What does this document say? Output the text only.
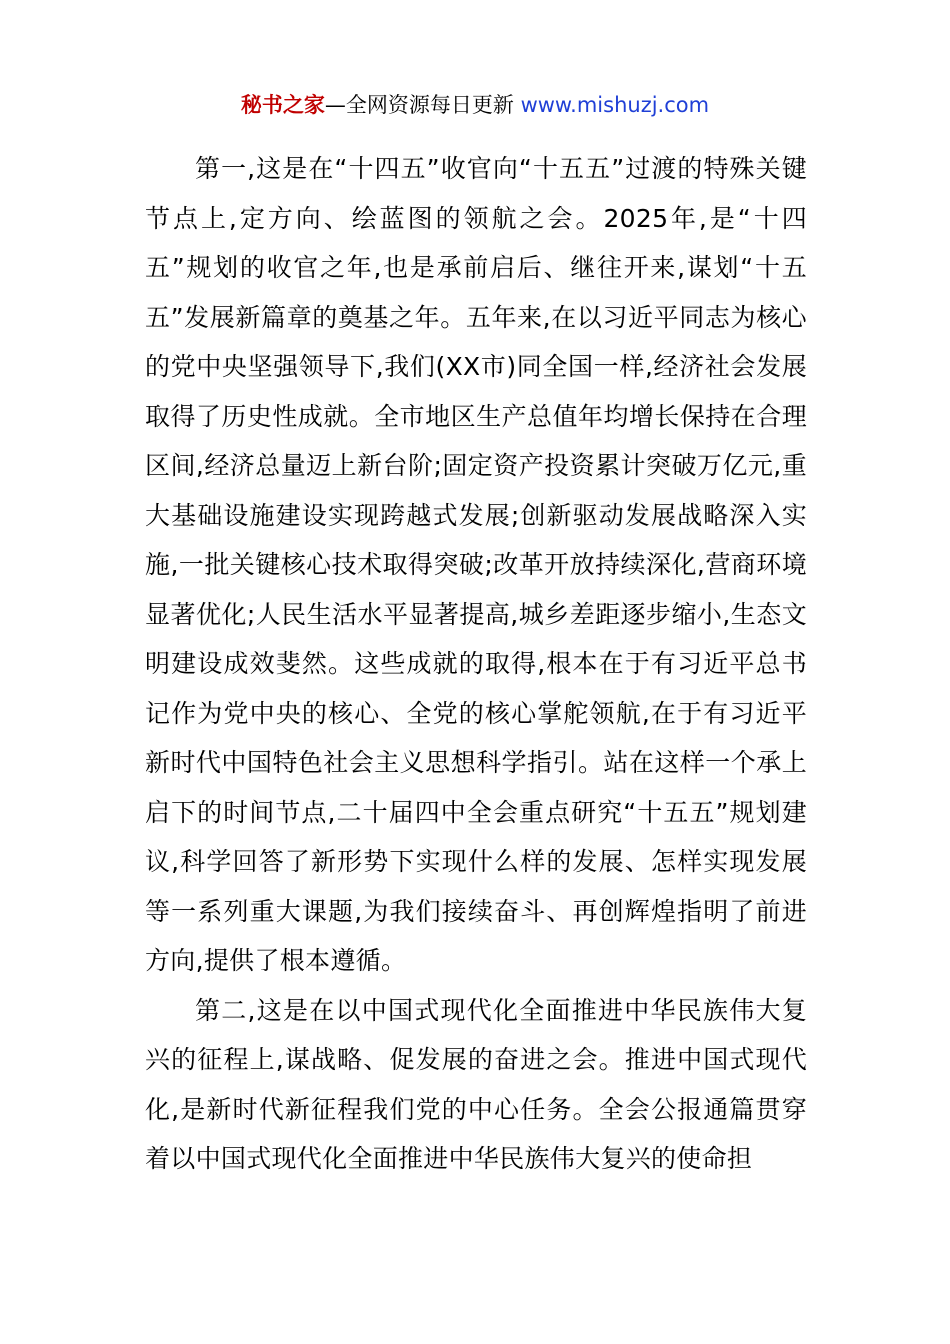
秘书之家—全网资源每日更新 www.mishuzj.com

第一,这是在“十四五”收官向“十五五”过渡的特殊关键节点上,定方向、绘蓝图的领航之会。2025年,是“十四五”规划的收官之年,也是承前启后、继往开来,谋划“十五五”发展新篇章的奠基之年。五年来,在以习近平同志为核心的党中央坚强领导下,我们(XX市)同全国一样,经济社会发展取得了历史性成就。全市地区生产总值年均增长保持在合理区间,经济总量迈上新台阶;固定资产投资累计突破万亿元,重大基础设施建设实现跨越式发展;创新驱动发展战略深入实施,一批关键核心技术取得突破;改革开放持续深化,营商环境显著优化;人民生活水平显著提高,城乡差距逐步缩小,生态文明建设成效斐然。这些成就的取得,根本在于有习近平总书记作为党中央的核心、全党的核心掌舵领航,在于有习近平新时代中国特色社会主义思想科学指引。站在这样一个承上启下的时间节点,二十届四中全会重点研究“十五五”规划建议,科学回答了新形势下实现什么样的发展、怎样实现发展等一系列重大课题,为我们接续奋斗、再创辉煌指明了前进方向,提供了根本遵循。

第二,这是在以中国式现代化全面推进中华民族伟大复兴的征程上,谋战略、促发展的奋进之会。推进中国式现代化,是新时代新征程我们党的中心任务。全会公报通篇贯穿着以中国式现代化全面推进中华民族伟大复兴的使命担
